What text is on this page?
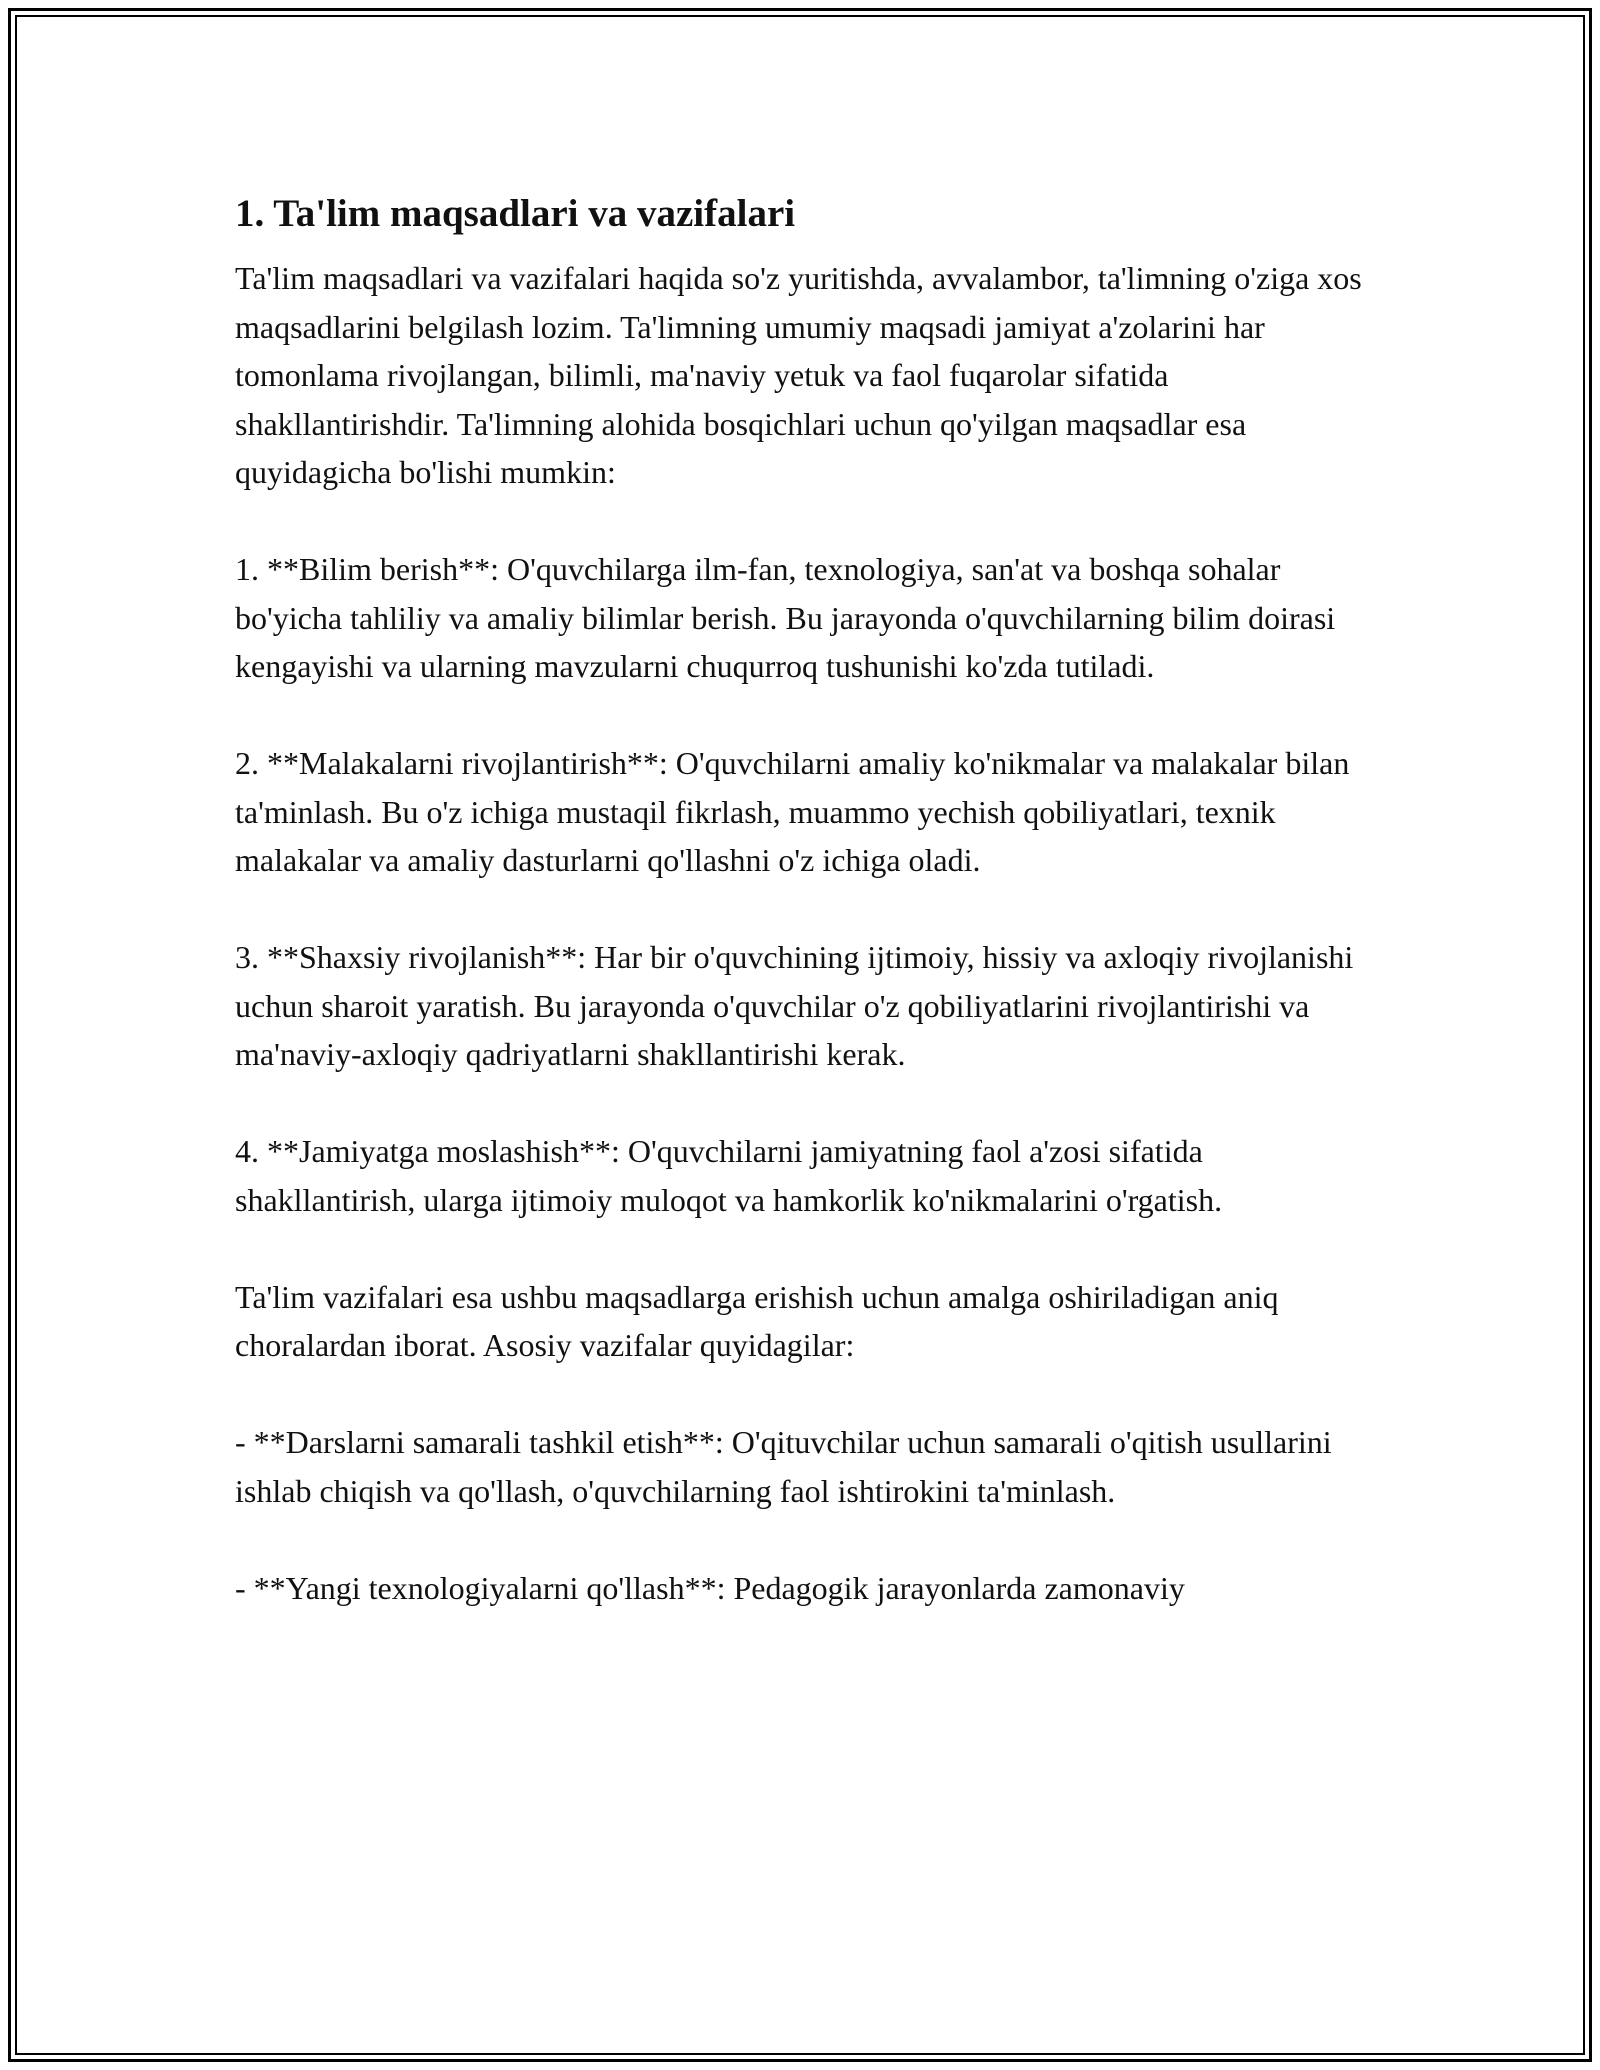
1. Ta'lim maqsadlari va vazifalari

Ta'lim maqsadlari va vazifalari haqida so'z yuritishda, avvalambor, ta'limning o'ziga xos maqsadlarini belgilash lozim. Ta'limning umumiy maqsadi jamiyat a'zolarini har tomonlama rivojlangan, bilimli, ma'naviy yetuk va faol fuqarolar sifatida shakllantirishdir. Ta'limning alohida bosqichlari uchun qo'yilgan maqsadlar esa quyidagicha bo'lishi mumkin:

1. **Bilim berish**: O'quvchilarga ilm-fan, texnologiya, san'at va boshqa sohalar bo'yicha tahliliy va amaliy bilimlar berish. Bu jarayonda o'quvchilarning bilim doirasi kengayishi va ularning mavzularni chuqurroq tushunishi ko'zda tutiladi.

2. **Malakalarni rivojlantirish**: O'quvchilarni amaliy ko'nikmalar va malakalar bilan ta'minlash. Bu o'z ichiga mustaqil fikrlash, muammo yechish qobiliyatlari, texnik malakalar va amaliy dasturlarni qo'llashni o'z ichiga oladi.

3. **Shaxsiy rivojlanish**: Har bir o'quvchining ijtimoiy, hissiy va axloqiy rivojlanishi uchun sharoit yaratish. Bu jarayonda o'quvchilar o'z qobiliyatlarini rivojlantirishi va ma'naviy-axloqiy qadriyatlarni shakllantirishi kerak.

4. **Jamiyatga moslashish**: O'quvchilarni jamiyatning faol a'zosi sifatida shakllantirish, ularga ijtimoiy muloqot va hamkorlik ko'nikmalarini o'rgatish.

Ta'lim vazifalari esa ushbu maqsadlarga erishish uchun amalga oshiriladigan aniq choralardan iborat. Asosiy vazifalar quyidagilar:

- **Darslarni samarali tashkil etish**: O'qituvchilar uchun samarali o'qitish usullarini ishlab chiqish va qo'llash, o'quvchilarning faol ishtirokini ta'minlash.

- **Yangi texnologiyalarni qo'llash**: Pedagogik jarayonlarda zamonaviy
